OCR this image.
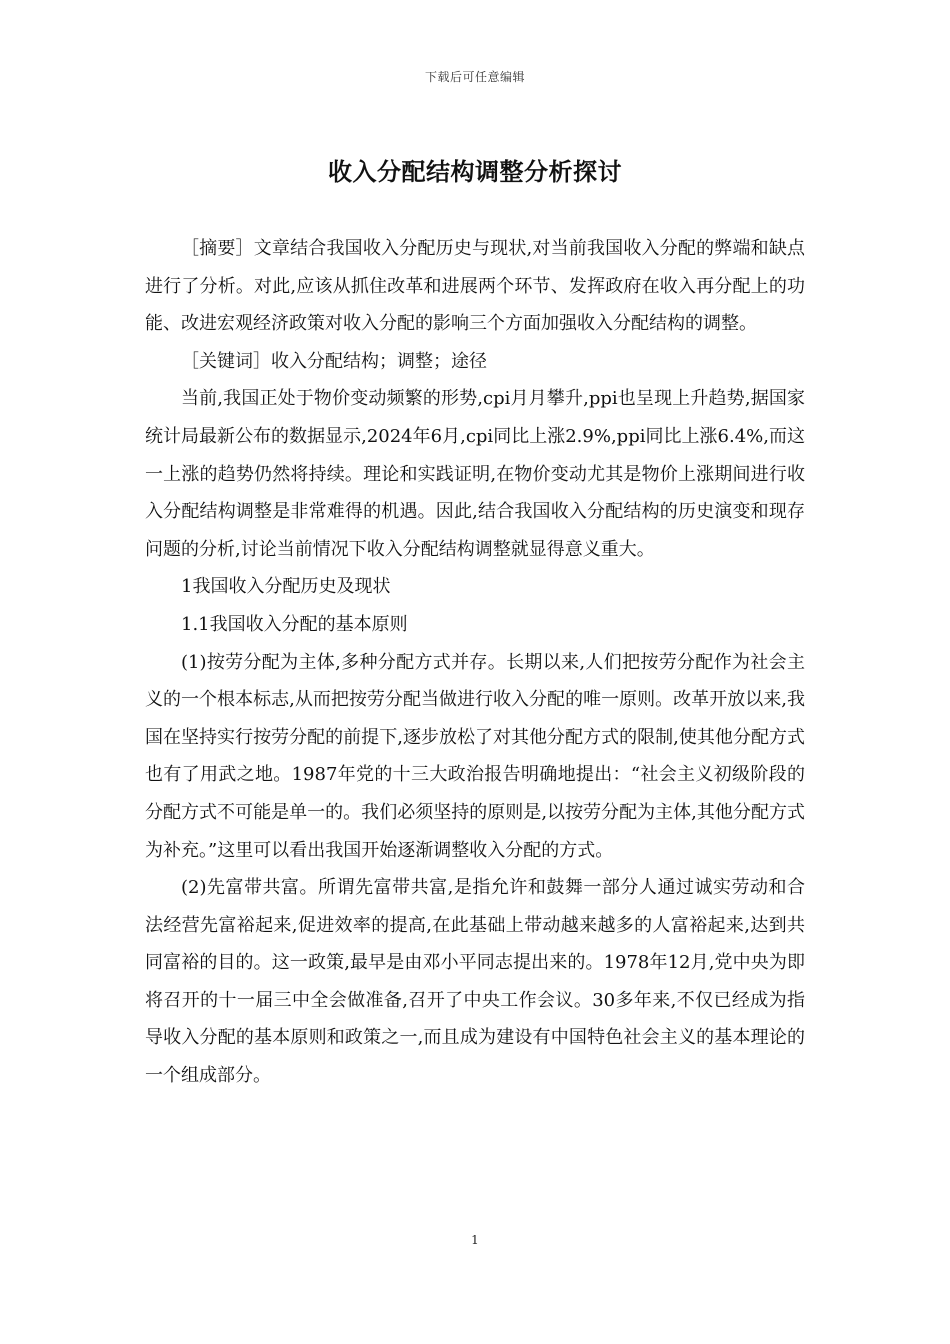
下载后可任意编辑
收入分配结构调整分析探讨

［摘要］文章结合我国收入分配历史与现状,对当前我国收入分配的弊端和缺点进行了分析。对此,应该从抓住改革和进展两个环节、发挥政府在收入再分配上的功能、改进宏观经济政策对收入分配的影响三个方面加强收入分配结构的调整。

［关键词］收入分配结构；调整；途径

当前,我国正处于物价变动频繁的形势,cpi月月攀升,ppi也呈现上升趋势,据国家统计局最新公布的数据显示,2024年6月,cpi同比上涨2.9%,ppi同比上涨6.4%,而这一上涨的趋势仍然将持续。理论和实践证明,在物价变动尤其是物价上涨期间进行收入分配结构调整是非常难得的机遇。因此,结合我国收入分配结构的历史演变和现存问题的分析,讨论当前情况下收入分配结构调整就显得意义重大。

1我国收入分配历史及现状

1.1我国收入分配的基本原则

(1)按劳分配为主体,多种分配方式并存。长期以来,人们把按劳分配作为社会主义的一个根本标志,从而把按劳分配当做进行收入分配的唯一原则。改革开放以来,我国在坚持实行按劳分配的前提下,逐步放松了对其他分配方式的限制,使其他分配方式也有了用武之地。1987年党的十三大政治报告明确地提出：“社会主义初级阶段的分配方式不可能是单一的。我们必须坚持的原则是,以按劳分配为主体,其他分配方式为补充。”这里可以看出我国开始逐渐调整收入分配的方式。

(2)先富带共富。所谓先富带共富,是指允许和鼓舞一部分人通过诚实劳动和合法经营先富裕起来,促进效率的提高,在此基础上带动越来越多的人富裕起来,达到共同富裕的目的。这一政策,最早是由邓小平同志提出来的。1978年12月,党中央为即将召开的十一届三中全会做准备,召开了中央工作会议。30多年来,不仅已经成为指导收入分配的基本原则和政策之一,而且成为建设有中国特色社会主义的基本理论的一个组成部分。

1
